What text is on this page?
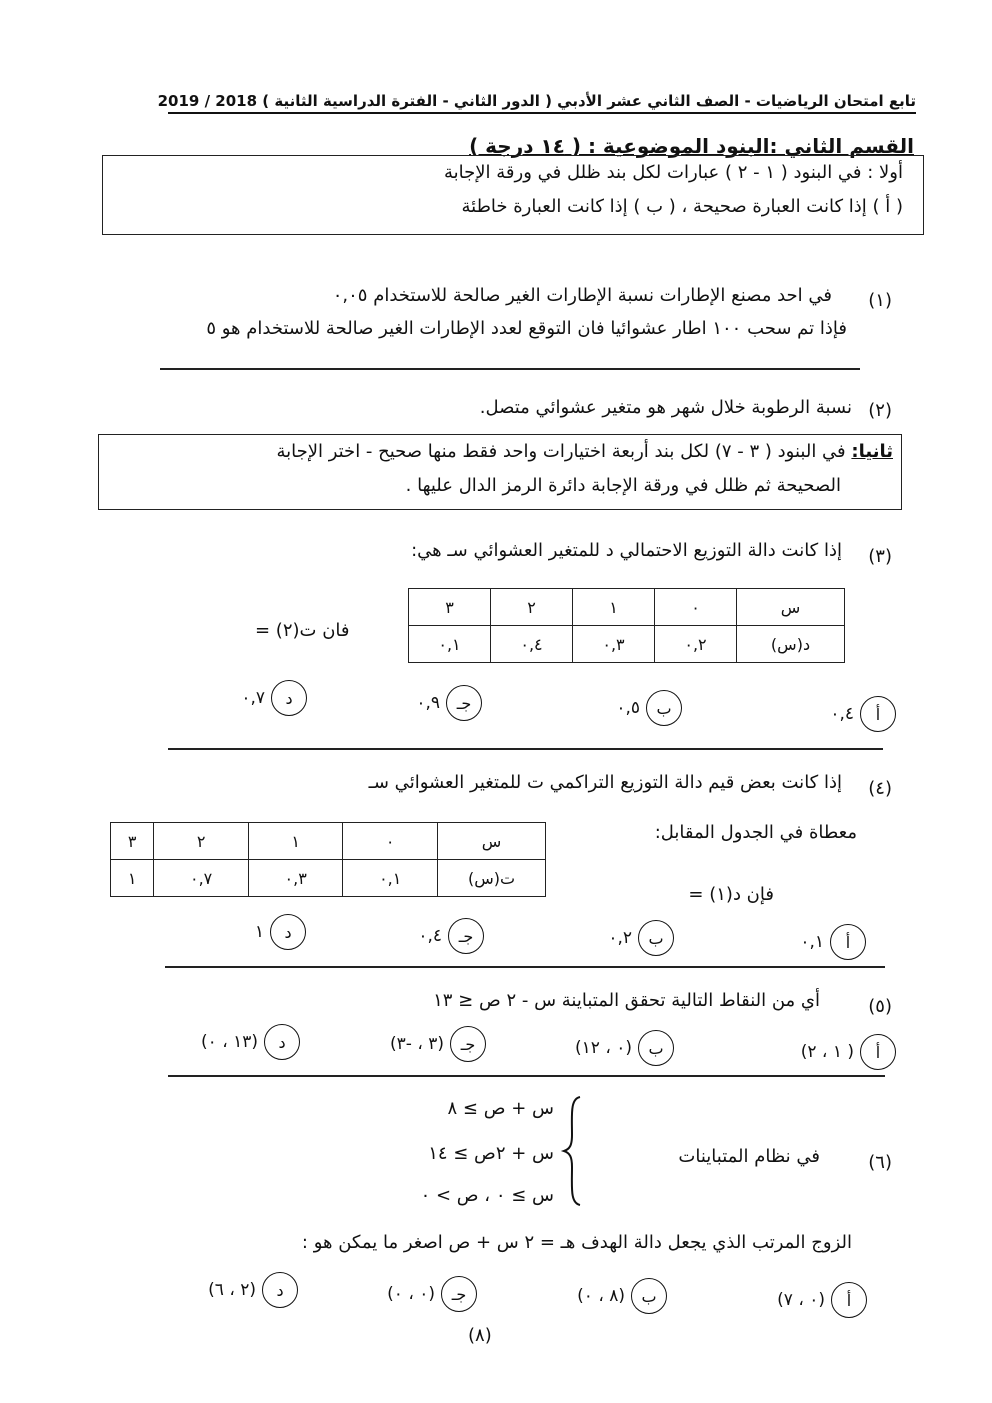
تابع امتحان الرياضيات - الصف الثاني عشر الأدبي ( الدور الثاني - الفترة الدراسية الثانية ) 2018 / 2019
القسم الثاني :البنود الموضوعية : ( ١٤ درجة )
أولا : في البنود ( ١ - ٢ ) عبارات لكل بند ظلل في ورقة الإجابة
( أ ) إذا كانت العبارة صحيحة ، ( ب ) إذا كانت العبارة خاطئة
(١)
في احد مصنع الإطارات نسبة الإطارات الغير صالحة للاستخدام ٠,٠٥
فإذا تم سحب ١٠٠ اطار عشوائيا فان التوقع لعدد الإطارات الغير صالحة للاستخدام هو ٥
(٢)
نسبة الرطوبة خلال شهر هو متغير عشوائي متصل.
ثانيا: في البنود ( ٣ - ٧) لكل بند أربعة اختيارات واحد فقط منها صحيح - اختر الإجابة
الصحيحة ثم ظلل في ورقة الإجابة دائرة الرمز الدال عليها .
(٣)
إذا كانت دالة التوزيع الاحتمالي د للمتغير العشوائي سـ هي:
س	٠	١	٢	٣
د(س)	٠,٢	٠,٣	٠,٤	٠,١
فان ت(٢) =
أ
٠,٤
ب
٠,٥
جـ
٠,٩
د
٠,٧
(٤)
إذا كانت بعض قيم دالة التوزيع التراكمي ت للمتغير العشوائي سـ
س	٠	١	٢	٣
ت(س)	٠,١	٠,٣	٠,٧	١
معطاة في الجدول المقابل:
فإن د(١) =
أ
٠,١
ب
٠,٢
جـ
٠,٤
د
١
(٥)
أي من النقاط التالية تحقق المتباينة س - ٢ ص ≤ ١٣
أ
( ١ ، ٢)
ب
(٠ ، ١٢)
جـ
(٣ ، -٣)
د
(١٣ ، ٠)
(٦)
في نظام المتباينات
س + ص ≥ ٨
س + ٢ص ≥ ١٤
س ≥ ٠ ، ص > ٠
الزوج المرتب الذي يجعل دالة الهدف هـ = ٢ س + ص اصغر ما يمكن هو :
أ
(٠ ، ٧)
ب
(٨ ، ٠)
جـ
(٠ ، ٠)
د
(٢ ، ٦)
(٨)
